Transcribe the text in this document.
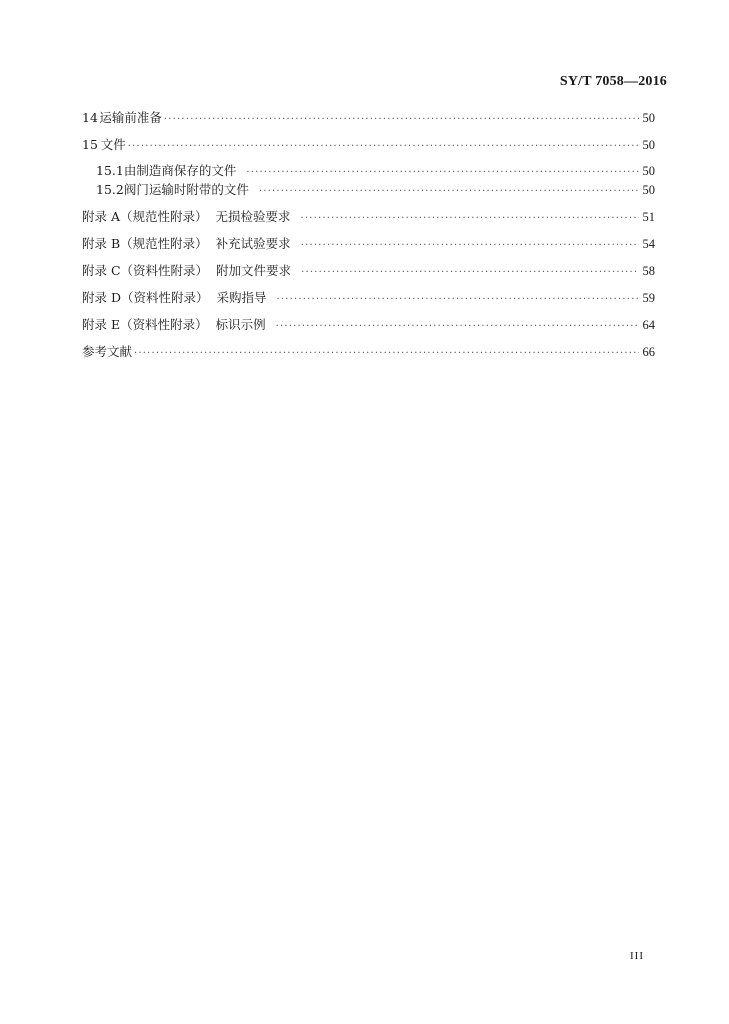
SY/T 7058—2016
14 运输前准备 ·····	50
15 文件 ·····	50
15.1 由制造商保存的文件 ·····	50
15.2 阀门运输时附带的文件 ·····	50
附录 A（规范性附录） 无损检验要求 ·····	51
附录 B（规范性附录） 补充试验要求 ·····	54
附录 C（资料性附录） 附加文件要求 ·····	58
附录 D（资料性附录） 采购指导 ·····	59
附录 E（资料性附录） 标识示例 ·····	64
参考文献 ·····	66
III
